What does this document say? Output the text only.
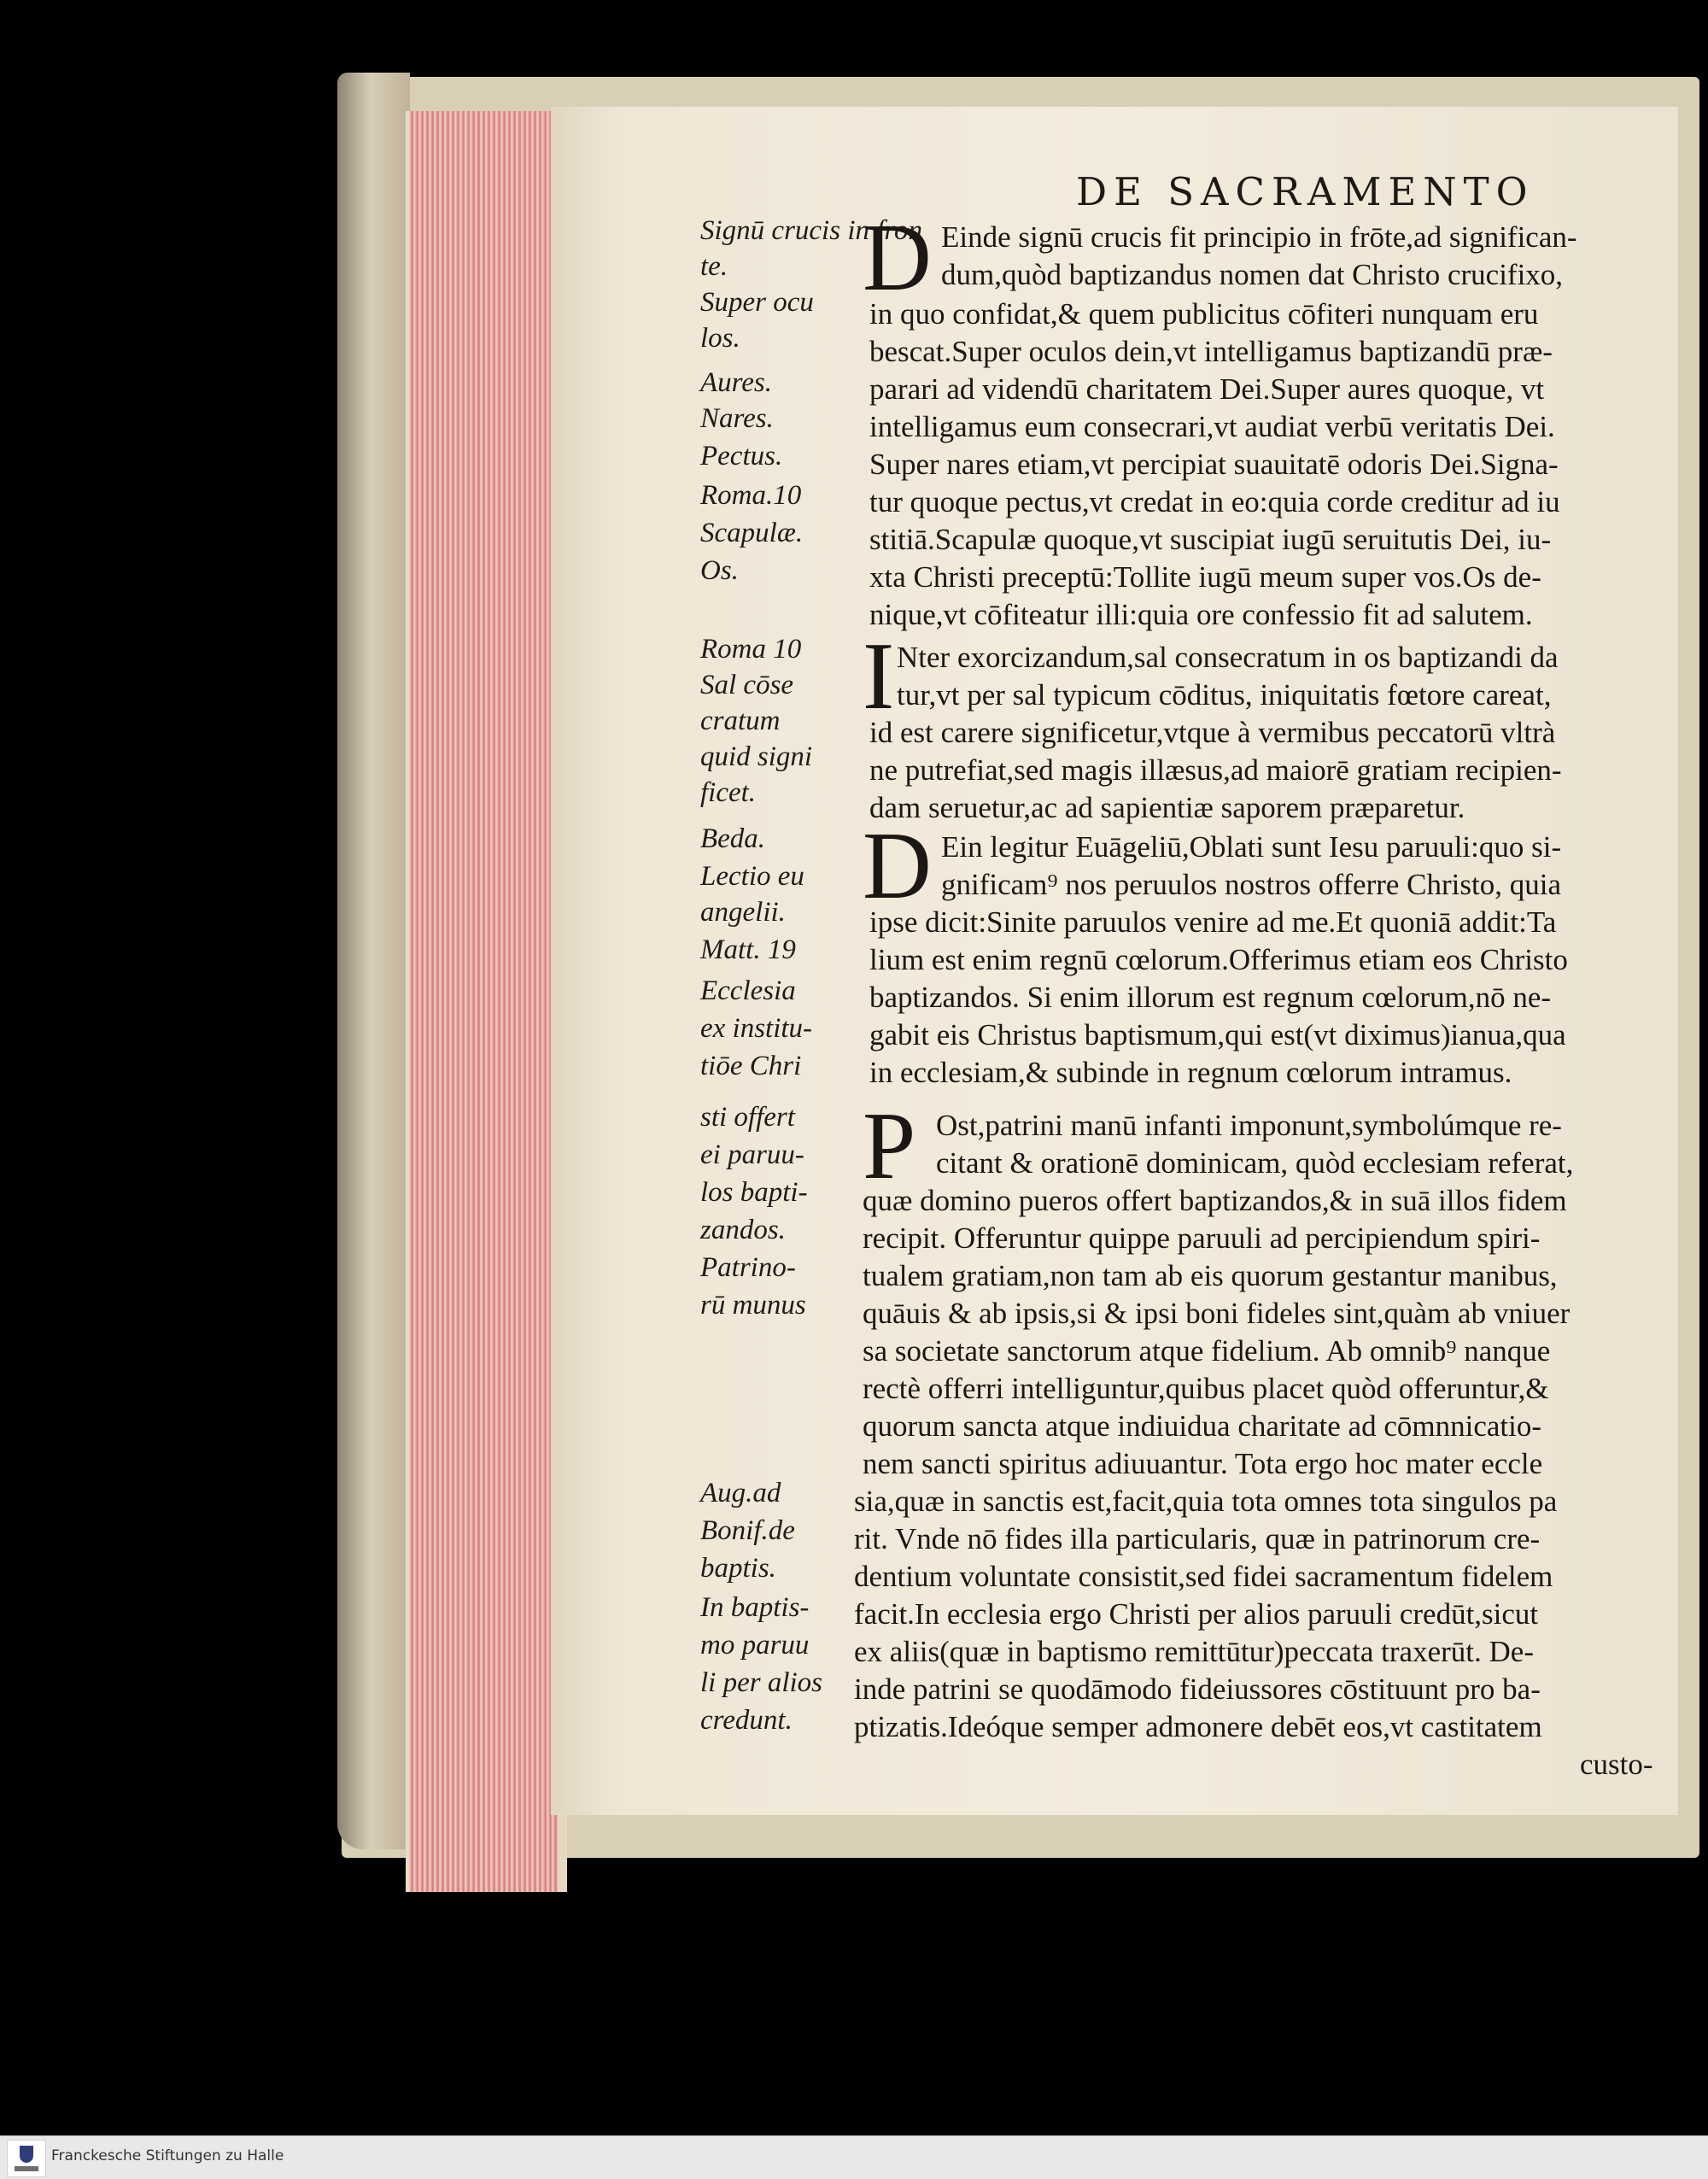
DE SACRAMENTO
Signū crucis in fron
te.
Super ocu
los.
Aures.
Nares.
Pectus.
Roma.10
Scapulæ.
Os.
Roma 10
Sal cōse
cratum
quid signi
ficet.
Beda.
Lectio eu
angelii.
Matt. 19
Ecclesia
ex institu-
tiōe Chri
sti offert
ei paruu-
los bapti-
zandos.
Patrino-
rū munus
Aug.ad
Bonif.de
baptis.
In baptis-
mo paruu
li per alios
credunt.
D
I
D
P
Einde signū crucis fit principio in frōte,ad significan-
dum,quòd baptizandus nomen dat Christo crucifixo,
in quo confidat,& quem publicitus cōfiteri nunquam eru
bescat.Super oculos dein,vt intelligamus baptizandū præ-
parari ad videndū charitatem Dei.Super aures quoque, vt
intelligamus eum consecrari,vt audiat verbū veritatis Dei.
Super nares etiam,vt percipiat suauitatē odoris Dei.Signa-
tur quoque pectus,vt credat in eo:quia corde creditur ad iu
stitiā.Scapulæ quoque,vt suscipiat iugū seruitutis Dei, iu-
xta Christi preceptū:Tollite iugū meum super vos.Os de-
nique,vt cōfiteatur illi:quia ore confessio fit ad salutem.
Nter exorcizandum,sal consecratum in os baptizandi da
tur,vt per sal typicum cōditus, iniquitatis fœtore careat,
id est carere significetur,vtque à vermibus peccatorū vltrà
ne putrefiat,sed magis illæsus,ad maiorē gratiam recipien-
dam seruetur,ac ad sapientiæ saporem præparetur.
Ein legitur Euāgeliū,Oblati sunt Iesu paruuli:quo si-
gnificam⁹ nos peruulos nostros offerre Christo, quia
ipse dicit:Sinite paruulos venire ad me.Et quoniā addit:Ta
lium est enim regnū cœlorum.Offerimus etiam eos Christo
baptizandos. Si enim illorum est regnum cœlorum,nō ne-
gabit eis Christus baptismum,qui est(vt diximus)ianua,qua
in ecclesiam,& subinde in regnum cœlorum intramus.
Ost,patrini manū infanti imponunt,symbolúmque re-
citant & orationē dominicam, quòd ecclesiam referat,
quæ domino pueros offert baptizandos,& in suā illos fidem
recipit. Offeruntur quippe paruuli ad percipiendum spiri-
tualem gratiam,non tam ab eis quorum gestantur manibus,
quāuis & ab ipsis,si & ipsi boni fideles sint,quàm ab vniuer
sa societate sanctorum atque fidelium. Ab omnib⁹ nanque
rectè offerri intelliguntur,quibus placet quòd offeruntur,&
quorum sancta atque indiuidua charitate ad cōmnnicatio-
nem sancti spiritus adiuuantur. Tota ergo hoc mater eccle
sia,quæ in sanctis est,facit,quia tota omnes tota singulos pa
rit. Vnde nō fides illa particularis, quæ in patrinorum cre-
dentium voluntate consistit,sed fidei sacramentum fidelem
facit.In ecclesia ergo Christi per alios paruuli credūt,sicut
ex aliis(quæ in baptismo remittūtur)peccata traxerūt. De-
inde patrini se quodāmodo fideiussores cōstituunt pro ba-
ptizatis.Ideóque semper admonere debēt eos,vt castitatem
custo-
Franckesche Stiftungen zu Halle
